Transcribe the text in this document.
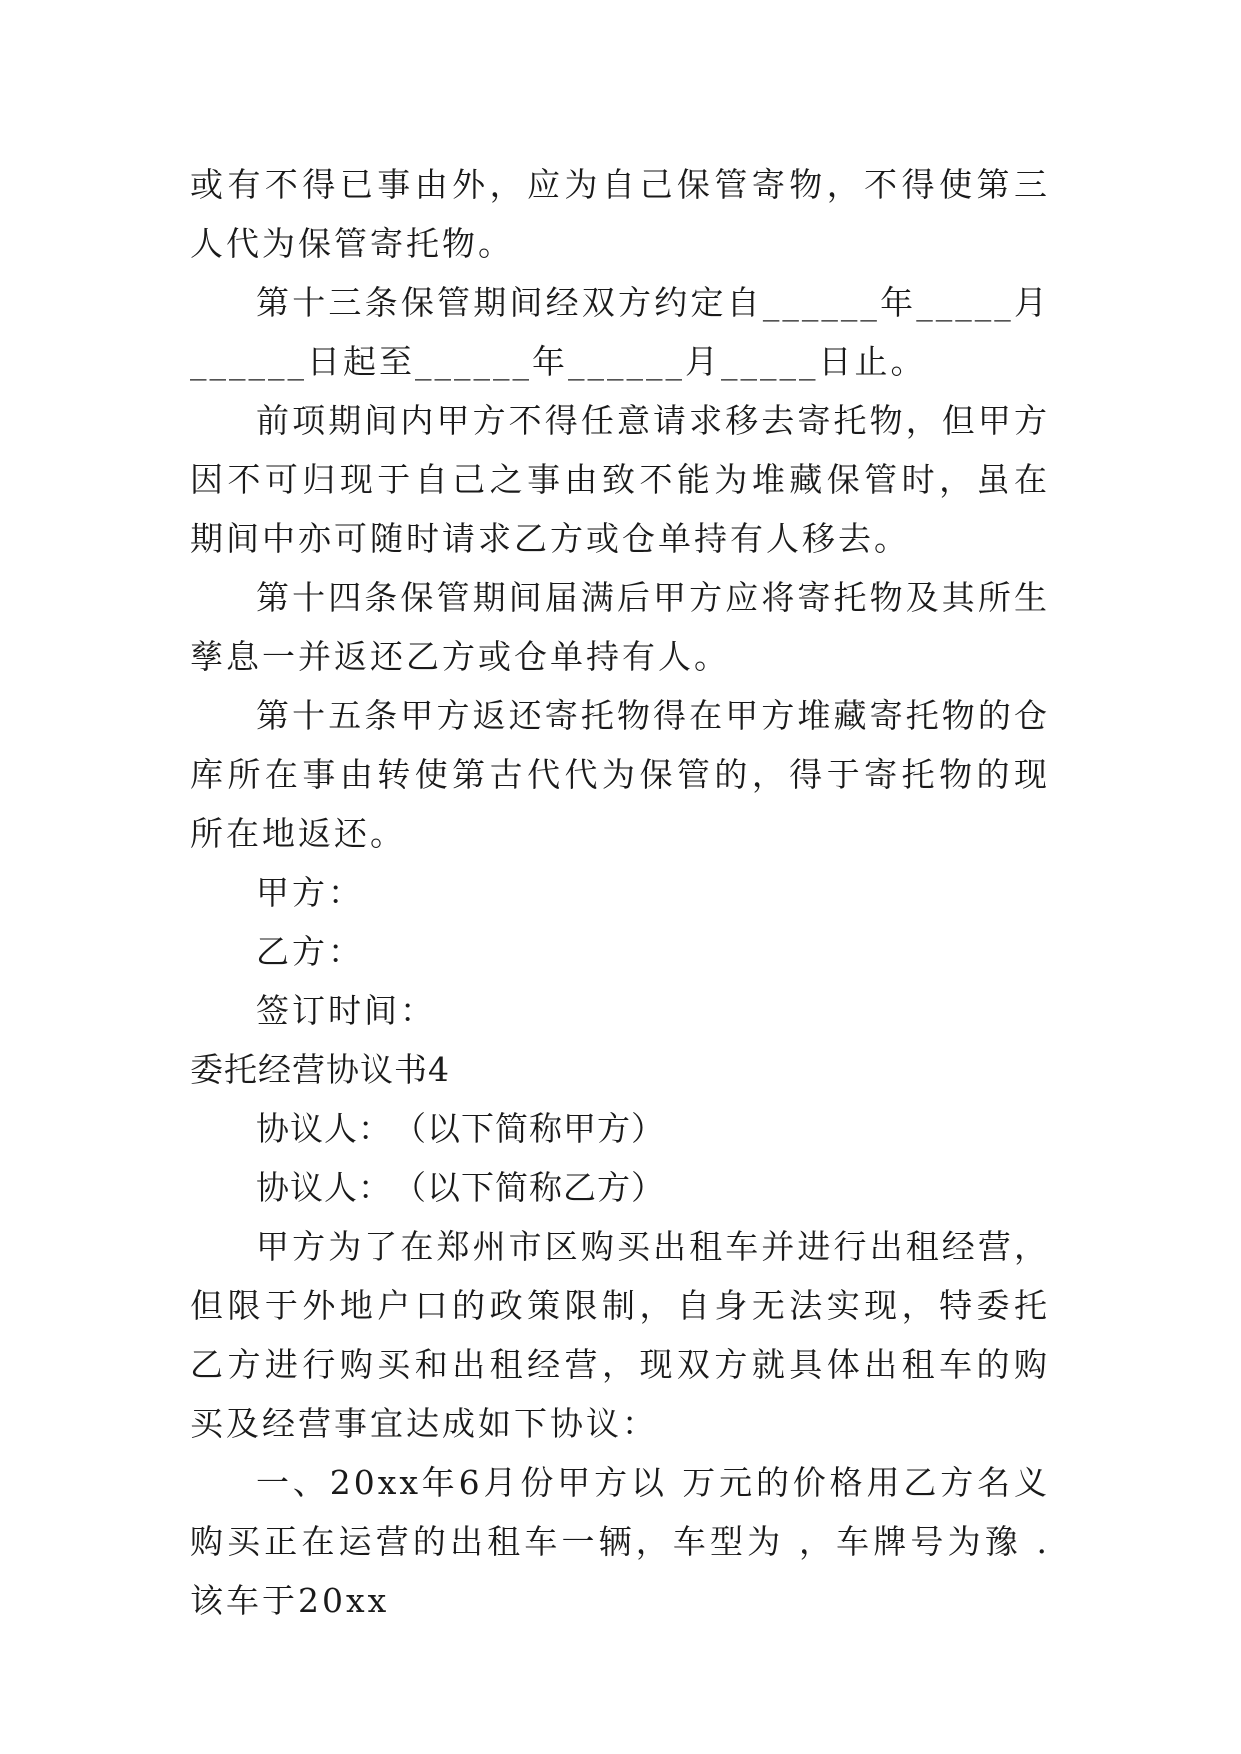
或有不得已事由外，应为自己保管寄物，不得使第三人代为保管寄托物。

第十三条保管期间经双方约定自______年_____月______日起至______年______月_____日止。

前项期间内甲方不得任意请求移去寄托物，但甲方因不可归现于自己之事由致不能为堆藏保管时，虽在期间中亦可随时请求乙方或仓单持有人移去。

第十四条保管期间届满后甲方应将寄托物及其所生孳息一并返还乙方或仓单持有人。

第十五条甲方返还寄托物得在甲方堆藏寄托物的仓库所在事由转使第古代代为保管的，得于寄托物的现所在地返还。

甲方：

乙方：

签订时间：

委托经营协议书4

协议人：　（以下简称甲方）

协议人：　（以下简称乙方）

甲方为了在郑州市区购买出租车并进行出租经营，但限于外地户口的政策限制，自身无法实现，特委托乙方进行购买和出租经营，现双方就具体出租车的购买及经营事宜达成如下协议：

一、20xx年6月份甲方以 万元的价格用乙方名义购买正在运营的出租车一辆，车型为 ，车牌号为豫 .该车于20xx
